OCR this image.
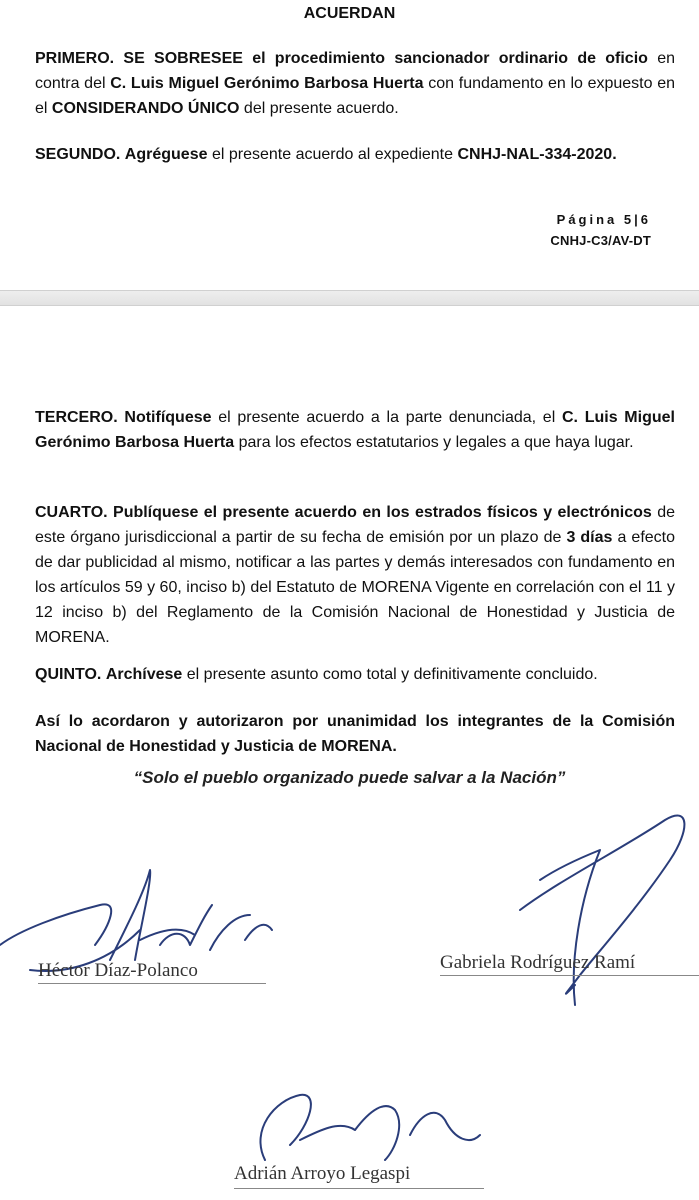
ACUERDAN
PRIMERO. SE SOBRESEE el procedimiento sancionador ordinario de oficio en contra del C. Luis Miguel Gerónimo Barbosa Huerta con fundamento en lo expuesto en el CONSIDERANDO ÚNICO del presente acuerdo.
SEGUNDO. Agréguese el presente acuerdo al expediente CNHJ-NAL-334-2020.
Página 5|6
CNHJ-C3/AV-DT
TERCERO. Notifíquese el presente acuerdo a la parte denunciada, el C. Luis Miguel Gerónimo Barbosa Huerta para los efectos estatutarios y legales a que haya lugar.
CUARTO. Publíquese el presente acuerdo en los estrados físicos y electrónicos de este órgano jurisdiccional a partir de su fecha de emisión por un plazo de 3 días a efecto de dar publicidad al mismo, notificar a las partes y demás interesados con fundamento en los artículos 59 y 60, inciso b) del Estatuto de MORENA Vigente en correlación con el 11 y 12 inciso b) del Reglamento de la Comisión Nacional de Honestidad y Justicia de MORENA.
QUINTO. Archívese el presente asunto como total y definitivamente concluido.
Así lo acordaron y autorizaron por unanimidad los integrantes de la Comisión Nacional de Honestidad y Justicia de MORENA.
“Solo el pueblo organizado puede salvar a la Nación”
Héctor Díaz-Polanco	Gabriela Rodríguez Ramí
Adrián Arroyo Legaspi
